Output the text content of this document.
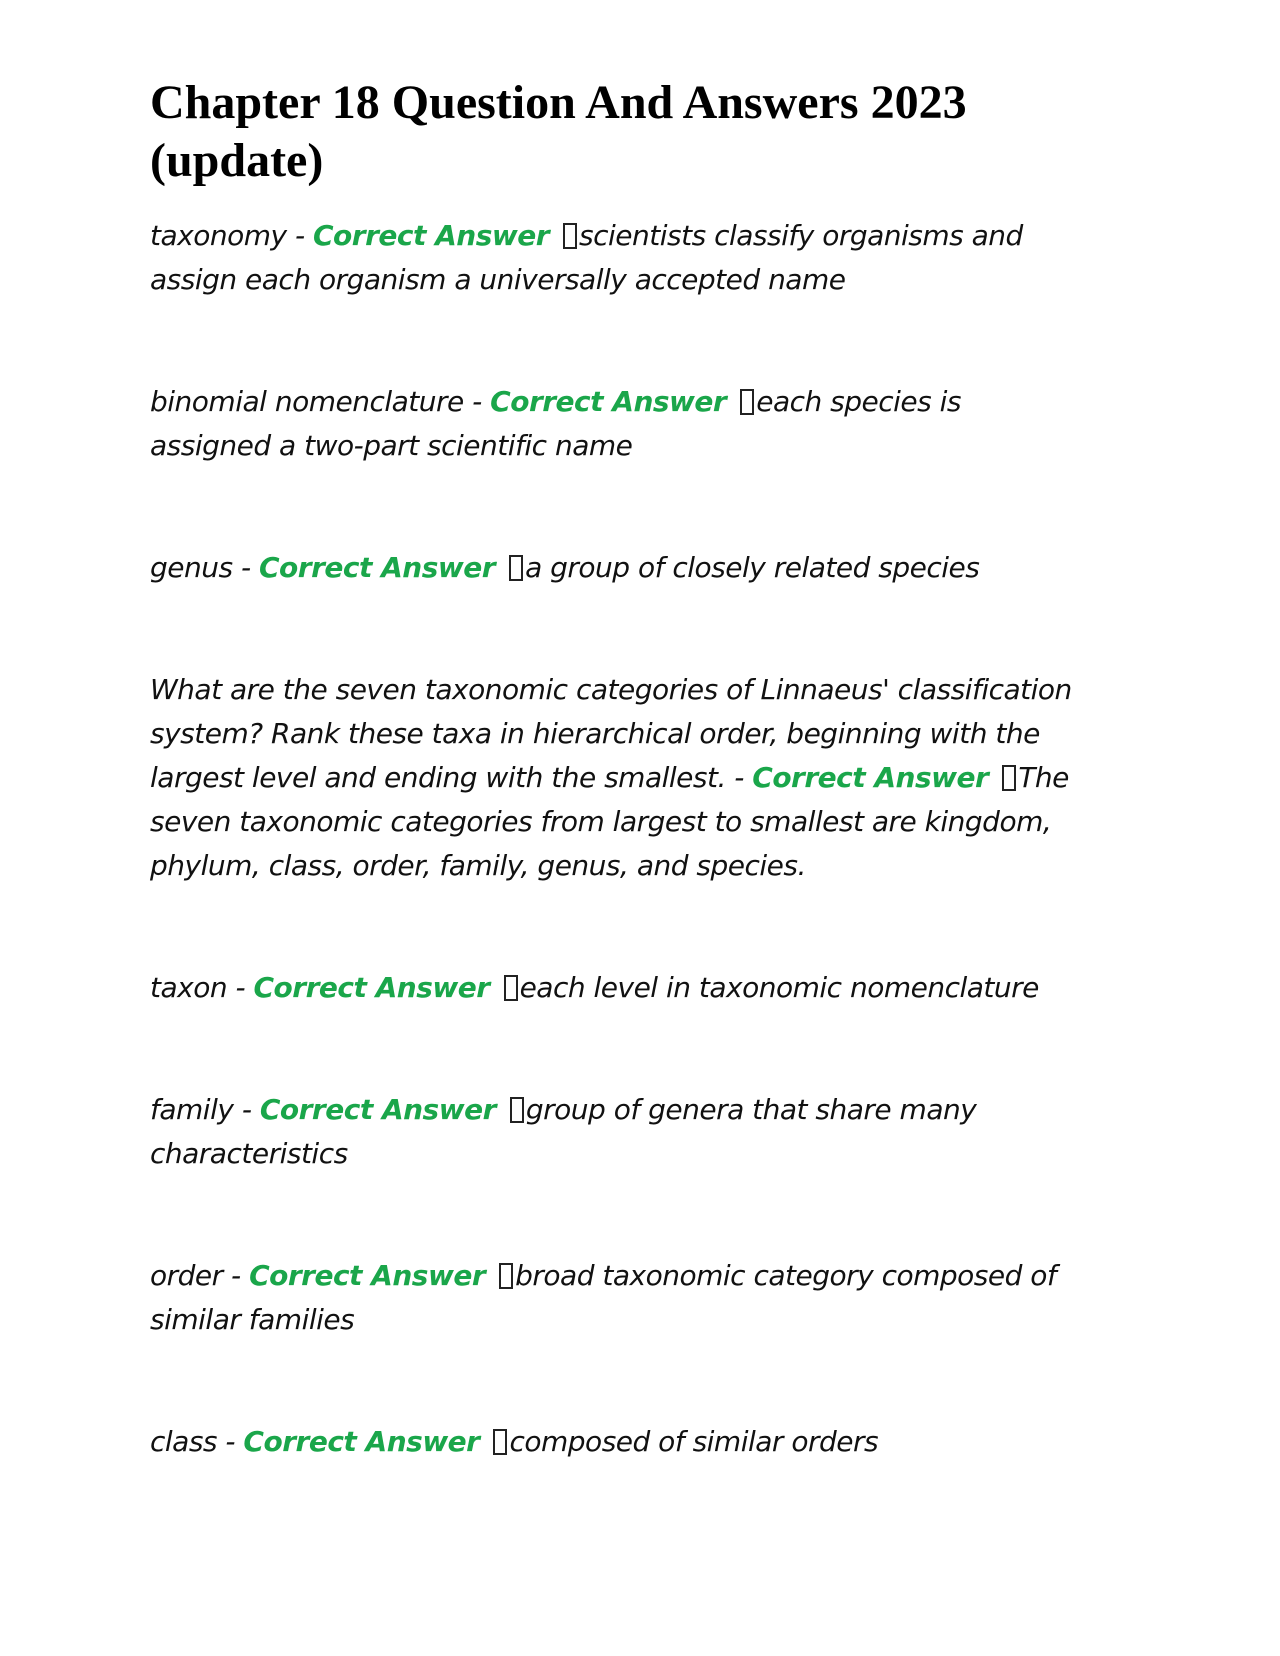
Chapter 18 Question And Answers 2023 (update)

taxonomy - Correct Answer scientists classify organisms and assign each organism a universally accepted name

binomial nomenclature - Correct Answer each species is assigned a two-part scientific name

genus - Correct Answer a group of closely related species

What are the seven taxonomic categories of Linnaeus' classification system? Rank these taxa in hierarchical order, beginning with the largest level and ending with the smallest. - Correct Answer The seven taxonomic categories from largest to smallest are kingdom, phylum, class, order, family, genus, and species.

taxon - Correct Answer each level in taxonomic nomenclature

family - Correct Answer group of genera that share many characteristics

order - Correct Answer broad taxonomic category composed of similar families

class - Correct Answer composed of similar orders
